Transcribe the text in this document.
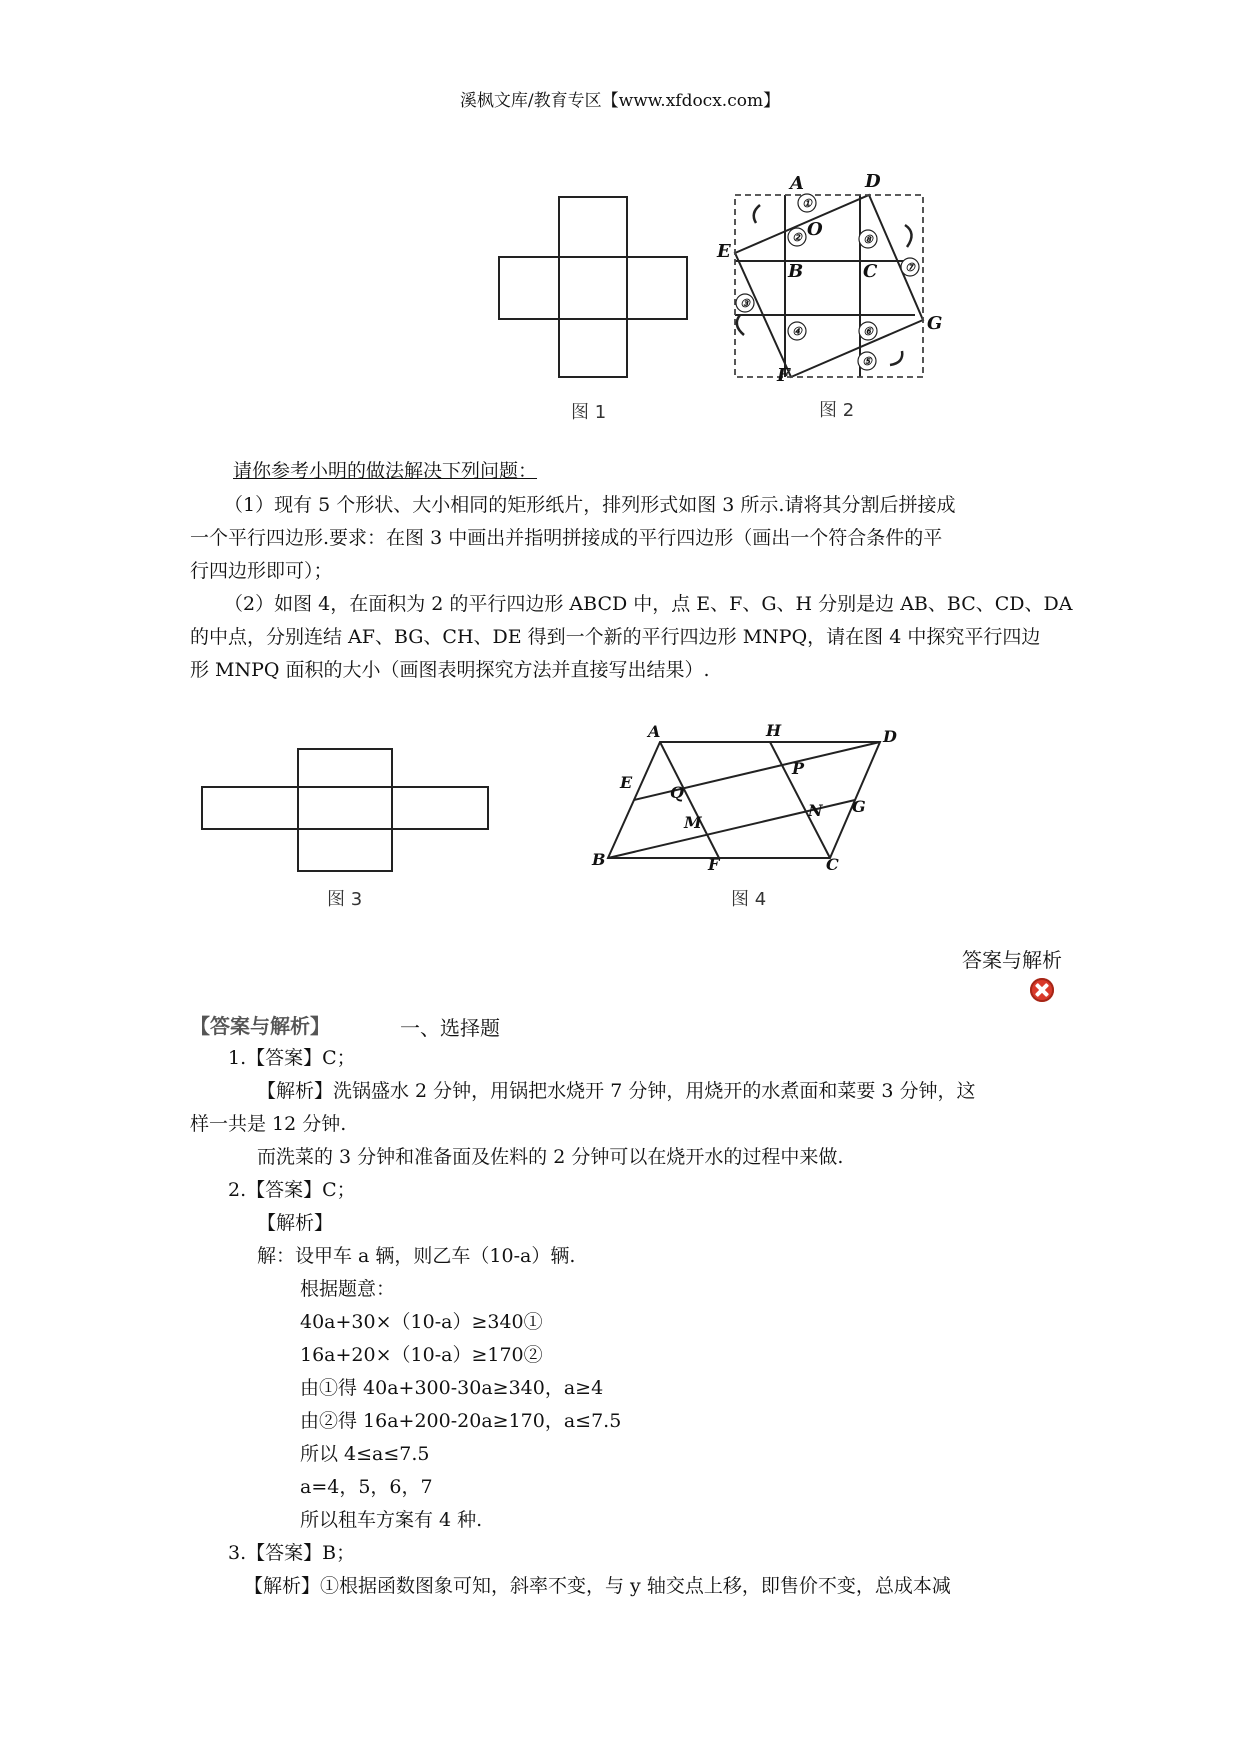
溪枫文库/教育专区【www.xfdocx.com】
图 1
①
②
③
④
⑤
⑥
⑦
⑧
A	D
O
E
B	C
G
F
图 2
请你参考小明的做法解决下列问题：
（1）现有 5 个形状、大小相同的矩形纸片，排列形式如图 3 所示.请将其分割后拼接成
一个平行四边形.要求：在图 3 中画出并指明拼接成的平行四边形（画出一个符合条件的平
行四边形即可）；
（2）如图 4，在面积为 2 的平行四边形 ABCD 中，点 E、F、G、H 分别是边 AB、BC、CD、DA
的中点，分别连结 AF、BG、CH、DE 得到一个新的平行四边形 MNPQ，请在图 4 中探究平行四边
形 MNPQ 面积的大小（画图表明探究方法并直接写出结果）.
图 3
A	H	D
P
E
Q
N G
M
B	F	C
图 4
答案与解析
【答案与解析】	一、选择题
1.【答案】C；
【解析】洗锅盛水 2 分钟，用锅把水烧开 7 分钟，用烧开的水煮面和菜要 3 分钟，这
样一共是 12 分钟.
而洗菜的 3 分钟和准备面及佐料的 2 分钟可以在烧开水的过程中来做.
2.【答案】C；
【解析】
解：设甲车 a 辆，则乙车（10-a）辆.
根据题意：
40a+30×（10-a）≥340①
16a+20×（10-a）≥170②
由①得 40a+300-30a≥340，a≥4
由②得 16a+200-20a≥170，a≤7.5
所以 4≤a≤7.5
a=4，5，6，7
所以租车方案有 4 种.
3.【答案】B；
【解析】①根据函数图象可知，斜率不变，与 y 轴交点上移，即售价不变，总成本减
